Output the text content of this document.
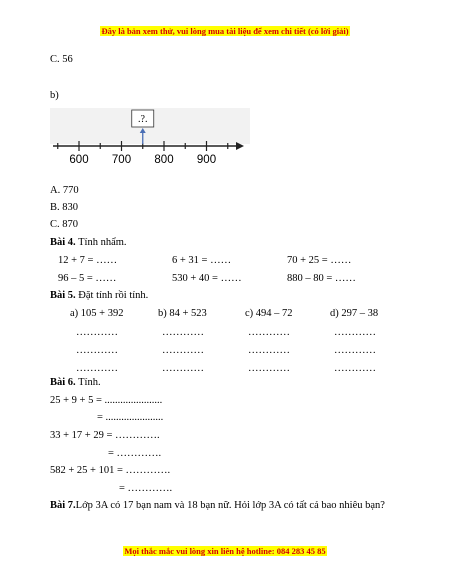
Đây là bản xem thử, vui lòng mua tài liệu để xem chi tiết (có lời giải)
C. 56
b)
600 700 800 900
.?.
A. 770
B. 830
C. 870
Bài 4. Tính nhẩm.
12 + 7 = ……	6 + 31 = ……	70 + 25 = ……
96 – 5 = ……	530 + 40 = ……	880 – 80 = ……
Bài 5. Đặt tính rồi tính.
a) 105 + 392	b) 84 + 523	c) 494 – 72	d) 297 – 38
…………	…………	…………	…………
…………	…………	…………	…………
…………	…………	…………	…………
Bài 6. Tính.
25 + 9 + 5 = ......................
= ......................
33 + 17 + 29 = ………….
= ………….
582 + 25 + 101 = ………….
= ………….
Bài 7.Lớp 3A có 17 bạn nam và 18 bạn nữ. Hỏi lớp 3A có tất cả bao nhiêu bạn?
Mọi thắc mắc vui lòng xin liên hệ hotline: 084 283 45 85
